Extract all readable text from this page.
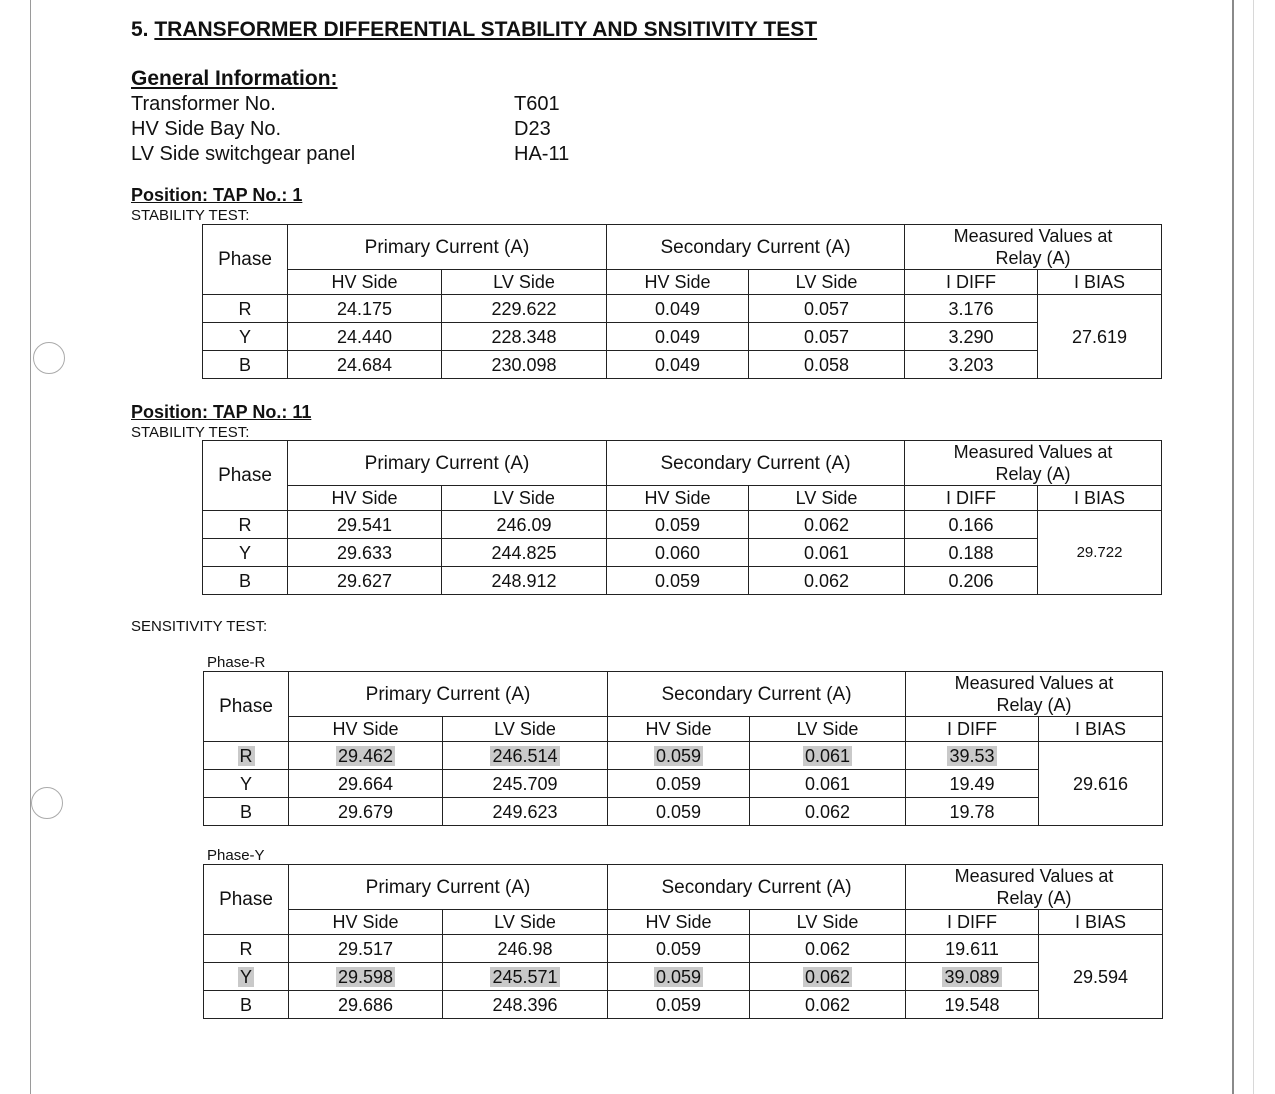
5. TRANSFORMER DIFFERENTIAL STABILITY AND SNSITIVITY TEST
General Information:
Transformer No.	T601
HV Side Bay No.	D23
LV Side switchgear panel	HA-11
Position: TAP No.: 1
STABILITY TEST:
Phase	Primary Current (A)		Secondary Current (A)		Measured Values at
Relay (A)	
	HV Side	LV Side	HV Side	LV Side	I DIFF	I BIAS
R	24.175	229.622	0.049	0.057	3.176	27.619
Y	24.440	228.348	0.049	0.057	3.290	
B	24.684	230.098	0.049	0.058	3.203	
Position: TAP No.: 11
STABILITY TEST:
Phase	Primary Current (A)		Secondary Current (A)		Measured Values at
Relay (A)	
	HV Side	LV Side	HV Side	LV Side	I DIFF	I BIAS
R	29.541	246.09	0.059	0.062	0.166	29.722
Y	29.633	244.825	0.060	0.061	0.188	
B	29.627	248.912	0.059	0.062	0.206	
SENSITIVITY TEST:
Phase-R
Phase	Primary Current (A)		Secondary Current (A)		Measured Values at
Relay (A)	
	HV Side	LV Side	HV Side	LV Side	I DIFF	I BIAS
R	29.462	246.514	0.059	0.061	39.53	29.616
Y	29.664	245.709	0.059	0.061	19.49	
B	29.679	249.623	0.059	0.062	19.78	
Phase-Y
Phase	Primary Current (A)		Secondary Current (A)		Measured Values at
Relay (A)	
	HV Side	LV Side	HV Side	LV Side	I DIFF	I BIAS
R	29.517	246.98	0.059	0.062	19.611	29.594
Y	29.598	245.571	0.059	0.062	39.089	
B	29.686	248.396	0.059	0.062	19.548	
